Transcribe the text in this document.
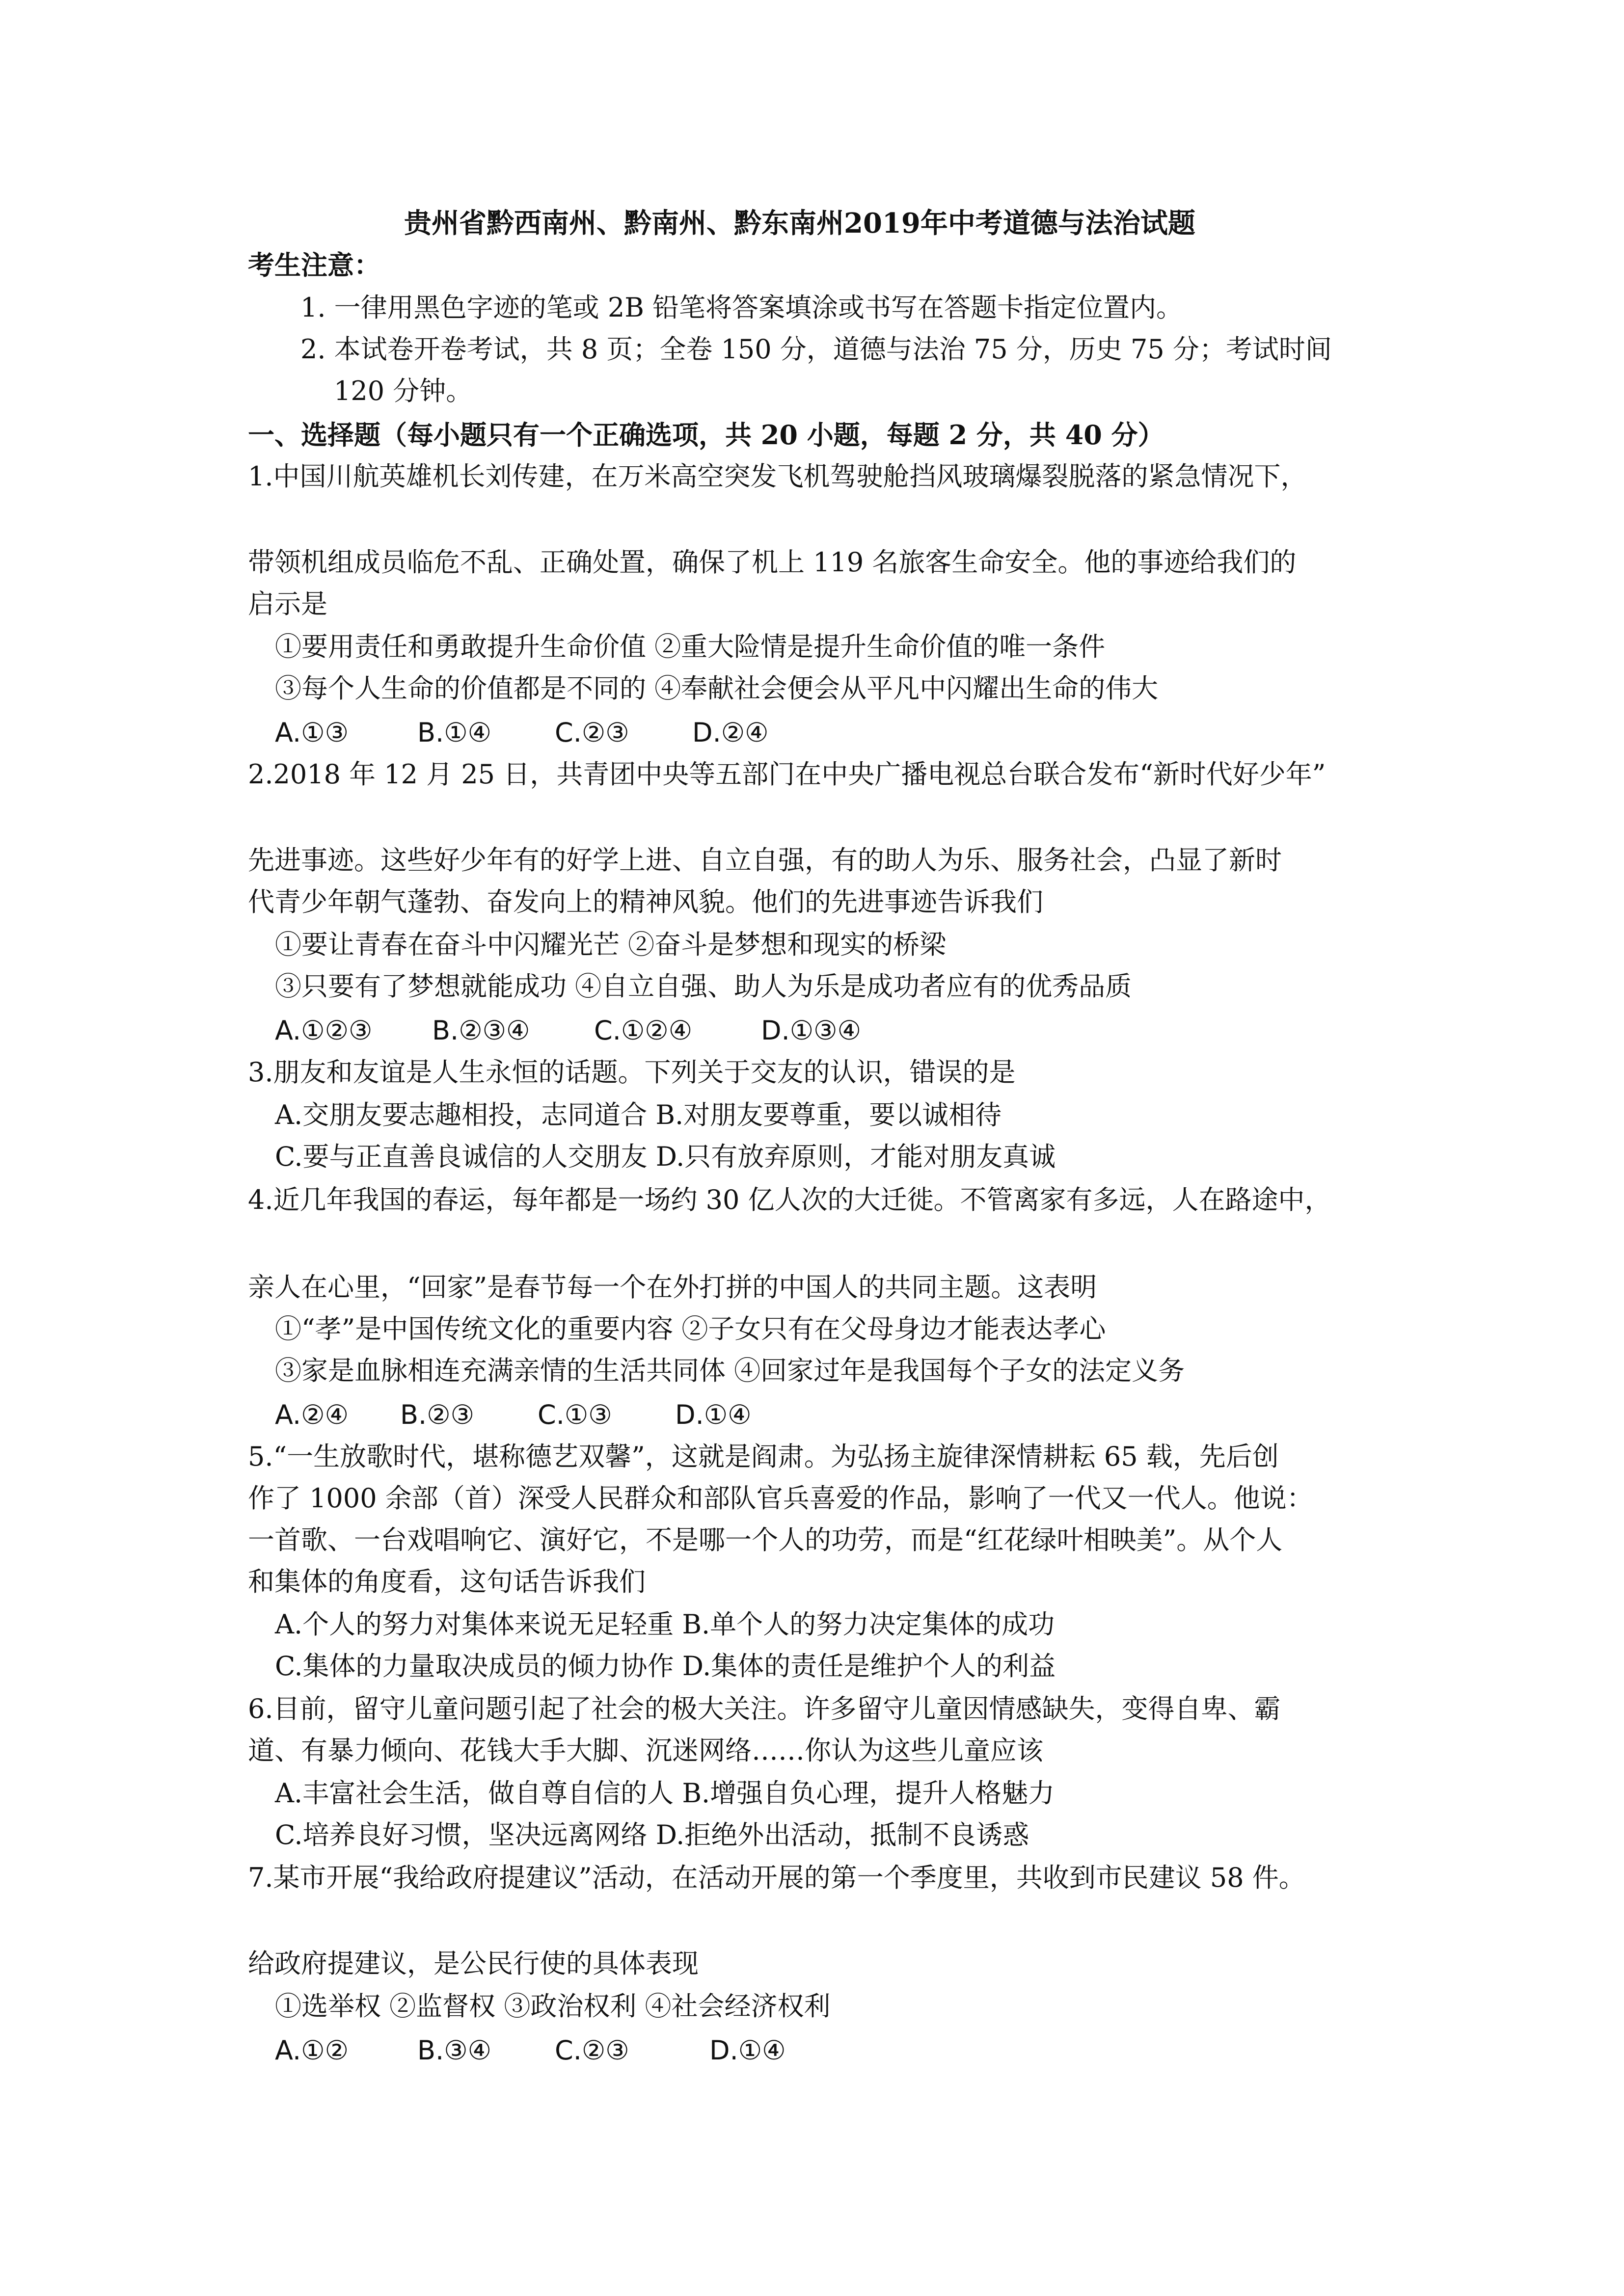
贵州省黔西南州、黔南州、黔东南州2019年中考道德与法治试题

考生注意：

1. 一律用黑色字迹的笔或 2B 铅笔将答案填涂或书写在答题卡指定位置内。

2. 本试卷开卷考试，共 8 页；全卷 150 分，道德与法治 75 分，历史 75 分；考试时间

120 分钟。

一、选择题（每小题只有一个正确选项，共 20 小题，每题 2 分，共 40 分）

1.中国川航英雄机长刘传建，在万米高空突发飞机驾驶舱挡风玻璃爆裂脱落的紧急情况下，

带领机组成员临危不乱、正确处置，确保了机上 119 名旅客生命安全。他的事迹给我们的

启示是

①要用责任和勇敢提升生命价值 ②重大险情是提升生命价值的唯一条件

③每个人生命的价值都是不同的 ④奉献社会便会从平凡中闪耀出生命的伟大

A.①③	B.①④ C.②③ D.②④

2.2018 年 12 月 25 日，共青团中央等五部门在中央广播电视总台联合发布“新时代好少年”

先进事迹。这些好少年有的好学上进、自立自强，有的助人为乐、服务社会，凸显了新时

代青少年朝气蓬勃、奋发向上的精神风貌。他们的先进事迹告诉我们

①要让青春在奋斗中闪耀光芒 ②奋斗是梦想和现实的桥梁

③只要有了梦想就能成功 ④自立自强、助人为乐是成功者应有的优秀品质

A.①②③ B.②③④ C.①②④	D.①③④

3.朋友和友谊是人生永恒的话题。下列关于交友的认识，错误的是

A.交朋友要志趣相投，志同道合 B.对朋友要尊重，要以诚相待

C.要与正直善良诚信的人交朋友 D.只有放弃原则，才能对朋友真诚

4.近几年我国的春运，每年都是一场约 30 亿人次的大迁徙。不管离家有多远，人在路途中，

亲人在心里，“回家”是春节每一个在外打拼的中国人的共同主题。这表明

①“孝”是中国传统文化的重要内容 ②子女只有在父母身边才能表达孝心

③家是血脉相连充满亲情的生活共同体 ④回家过年是我国每个子女的法定义务

A.②④ B.②③ C.①③ D.①④

5.“一生放歌时代，堪称德艺双馨”，这就是阎肃。为弘扬主旋律深情耕耘 65 载，先后创

作了 1000 余部（首）深受人民群众和部队官兵喜爱的作品，影响了一代又一代人。他说：

一首歌、一台戏唱响它、演好它，不是哪一个人的功劳，而是“红花绿叶相映美”。从个人

和集体的角度看，这句话告诉我们

A.个人的努力对集体来说无足轻重 B.单个人的努力决定集体的成功

C.集体的力量取决成员的倾力协作 D.集体的责任是维护个人的利益

6.目前，留守儿童问题引起了社会的极大关注。许多留守儿童因情感缺失，变得自卑、霸

道、有暴力倾向、花钱大手大脚、沉迷网络……你认为这些儿童应该

A.丰富社会生活，做自尊自信的人 B.增强自负心理，提升人格魅力

C.培养良好习惯，坚决远离网络 D.拒绝外出活动，抵制不良诱惑

7.某市开展“我给政府提建议”活动，在活动开展的第一个季度里，共收到市民建议 58 件。

给政府提建议，是公民行使的具体表现

①选举权 ②监督权 ③政治权利 ④社会经济权利

A.①②	B.③④ C.②③	D.①④
